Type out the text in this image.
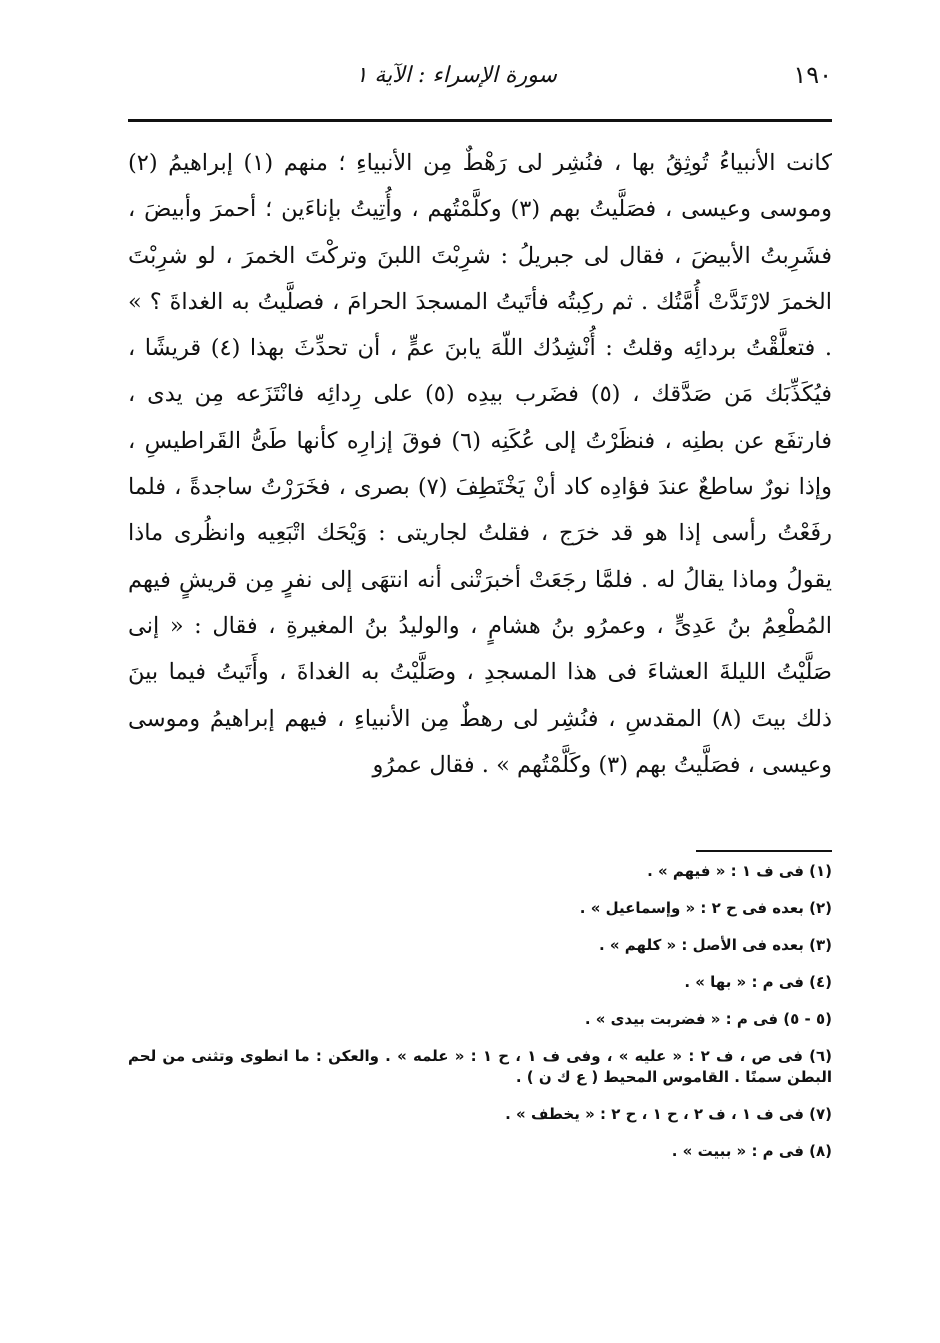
١٩٠
سورة الإسراء : الآية ١

كانت الأنبياءُ تُوثِقُ بها ، فنُشِر لى رَهْطٌ مِن الأنبياءِ ؛ منهم (١) إبراهيمُ (٢) وموسى وعيسى ، فصَلَّيتُ بهم (٣) وكلَّمْتُهم ، وأُتِيتُ بإناءَين ؛ أحمرَ وأبيضَ ، فشَرِبتُ الأبيضَ ، فقال لى جبريلُ : شرِبْتَ اللبنَ وتركْتَ الخمرَ ، لو شرِبْتَ الخمرَ لارْتَدَّتْ أُمَّتُك . ثم ركِبتُه فأتَيتُ المسجدَ الحرامَ ، فصلَّيتُ به الغداةَ ؟ » . فتعلَّقْتُ بردائِه وقلتُ : أُنْشِدُك اللّهَ يابنَ عمٍّ ، أن تحدِّثَ بهذا (٤) قريشًا ، فيُكَذِّبَك مَن صَدَّقك ، (٥) فضَرب بيدِه (٥) على رِدائِه فانْتَزَعه مِن يدى ، فارتفَع عن بطنِه ، فنظَرْتُ إلى عُكَنِه (٦) فوقَ إزارِه كأنها طَىُّ القَراطيسِ ، وإذا نورٌ ساطعٌ عندَ فؤادِه كاد أنْ يَخْتَطِفَ (٧) بصرى ، فخَرَرْتُ ساجدةً ، فلما رفَعْتُ رأسى إذا هو قد خرَج ، فقلتُ لجاريتى : وَيْحَك اتْبَعِيه وانظُرى ماذا يقولُ وماذا يقالُ له . فلمَّا رجَعَتْ أخبرَتْنى أنه انتهَى إلى نفرٍ مِن قريشٍ فيهم المُطْعِمُ بنُ عَدِىٍّ ، وعمرُو بنُ هشامٍ ، والوليدُ بنُ المغيرةِ ، فقال : « إنى صَلَّيْتُ الليلةَ العشاءَ فى هذا المسجدِ ، وصَلَّيْتُ به الغداةَ ، وأَتَيتُ فيما بينَ ذلك بيتَ (٨) المقدسِ ، فنُشِر لى رهطٌ مِن الأنبياءِ ، فيهم إبراهيمُ وموسى وعيسى ، فصَلَّيتُ بهم (٣) وكَلَّمْتُهم » . فقال عمرُو

(١) فى ف ١ : « فيهم » .

(٢) بعده فى ح ٢ : « وإسماعيل » .

(٣) بعده فى الأصل : « كلهم » .

(٤) فى م : « بها » .

(٥ - ٥) فى م : « فضربت بيدى » .

(٦) فى ص ، ف ٢ : « عليه » ، وفى ف ١ ، ح ١ : « علمه » . والعكن : ما انطوى وتثنى من لحم البطن سمنًا . القاموس المحيط ( ع ك ن ) .

(٧) فى ف ١ ، ف ٢ ، ح ١ ، ح ٢ : « يخطف » .

(٨) فى م : « ببيت » .
